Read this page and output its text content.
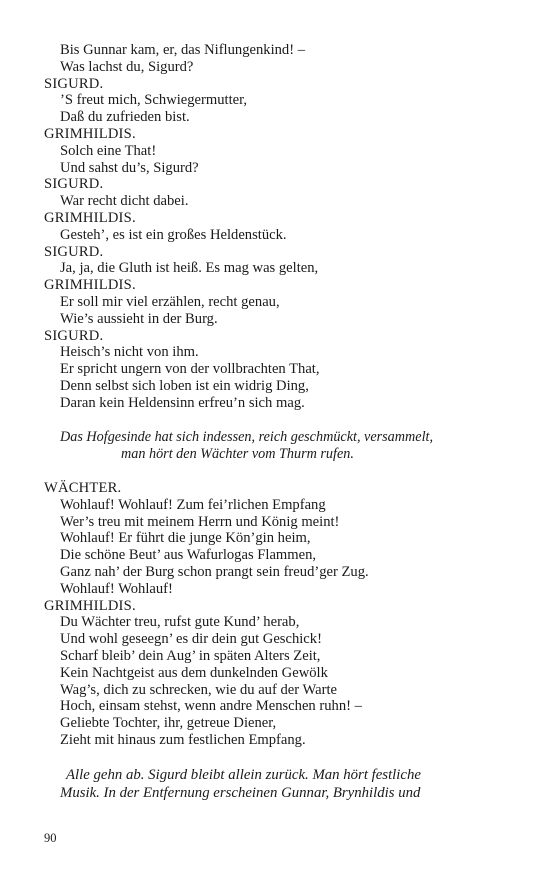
Bis Gunnar kam, er, das Niflungenkind! –
Was lachst du, Sigurd?
SIGURD.
’S freut mich, Schwiegermutter,
Daß du zufrieden bist.
GRIMHILDIS.
Solch eine That!
Und sahst du’s, Sigurd?
SIGURD.
War recht dicht dabei.
GRIMHILDIS.
Gesteh’, es ist ein großes Heldenstück.
SIGURD.
Ja, ja, die Gluth ist heiß. Es mag was gelten,
GRIMHILDIS.
Er soll mir viel erzählen, recht genau,
Wie’s aussieht in der Burg.
SIGURD.
Heisch’s nicht von ihm.
Er spricht ungern von der vollbrachten That,
Denn selbst sich loben ist ein widrig Ding,
Daran kein Heldensinn erfreu’n sich mag.
Das Hofgesinde hat sich indessen, reich geschmückt, versammelt,
man hört den Wächter vom Thurm rufen.
WÄCHTER.
Wohlauf! Wohlauf! Zum fei’rlichen Empfang
Wer’s treu mit meinem Herrn und König meint!
Wohlauf! Er führt die junge Kön’gin heim,
Die schöne Beut’ aus Wafurlogas Flammen,
Ganz nah’ der Burg schon prangt sein freud’ger Zug.
Wohlauf! Wohlauf!
GRIMHILDIS.
Du Wächter treu, rufst gute Kund’ herab,
Und wohl geseegn’ es dir dein gut Geschick!
Scharf bleib’ dein Aug’ in späten Alters Zeit,
Kein Nachtgeist aus dem dunkelnden Gewölk
Wag’s, dich zu schrecken, wie du auf der Warte
Hoch, einsam stehst, wenn andre Menschen ruhn! –
Geliebte Tochter, ihr, getreue Diener,
Zieht mit hinaus zum festlichen Empfang.
Alle gehn ab. Sigurd bleibt allein zurück. Man hört festliche
Musik. In der Entfernung erscheinen Gunnar, Brynhildis und
90
